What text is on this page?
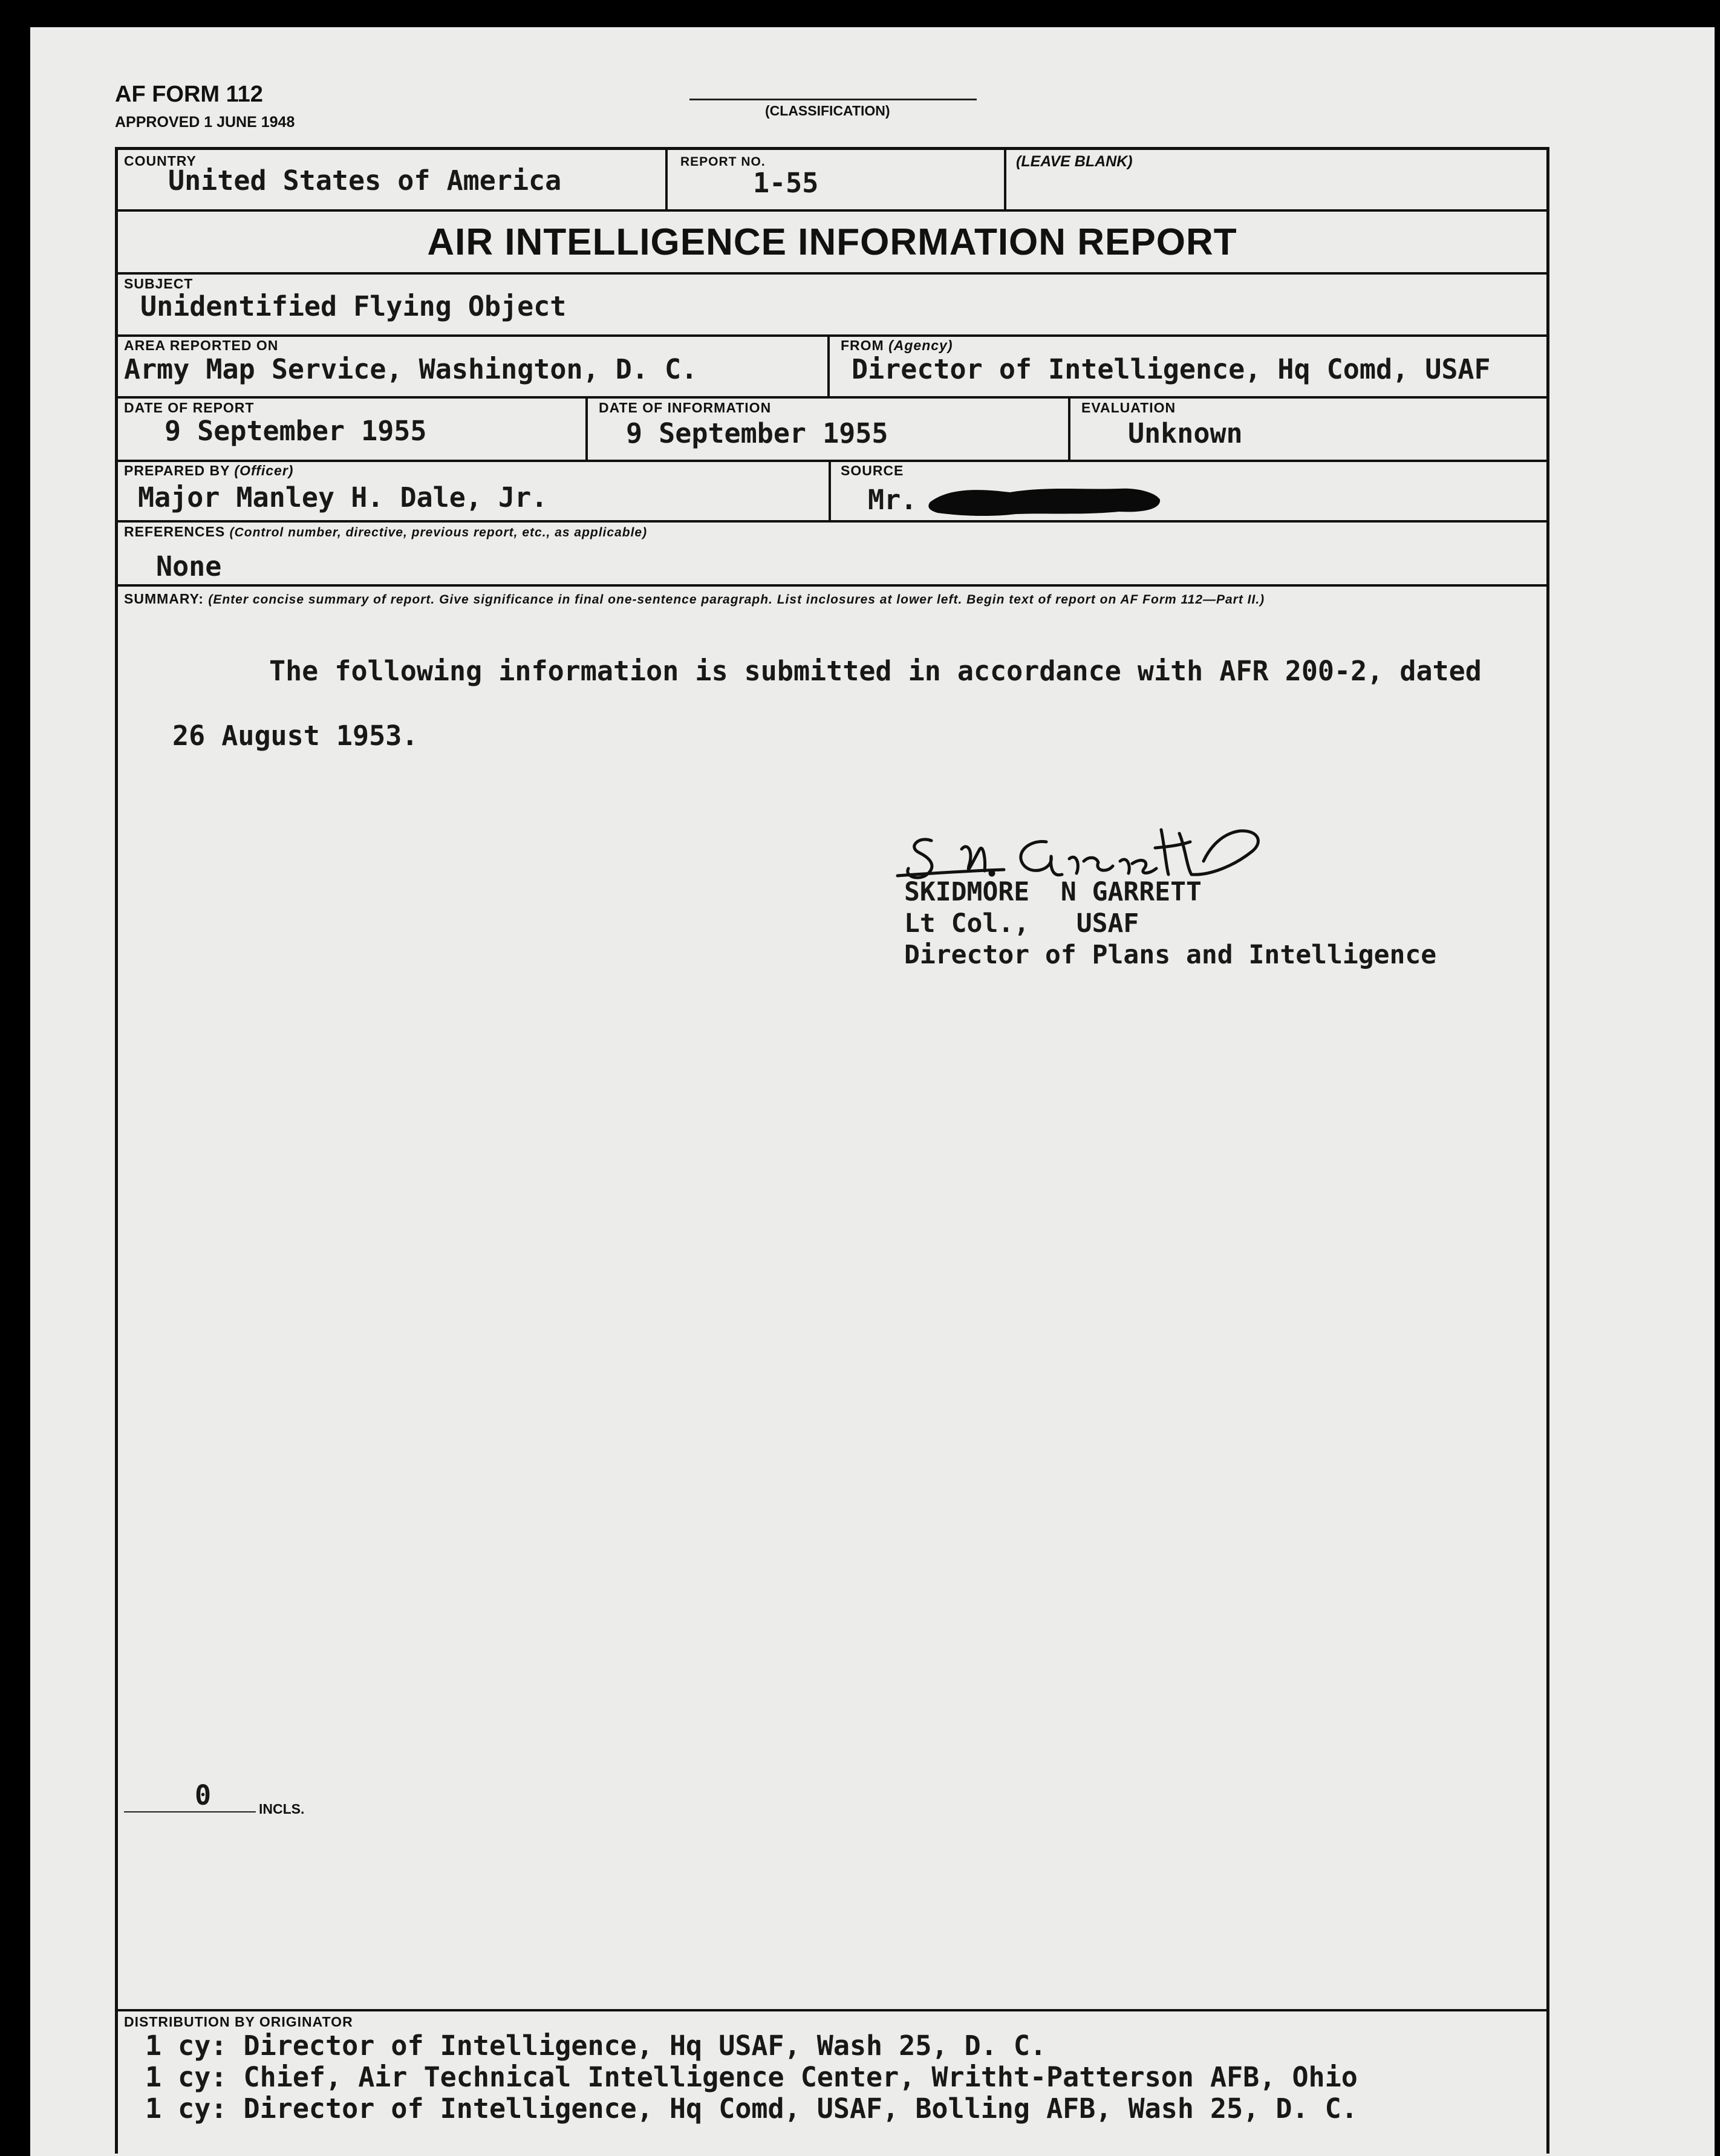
AF FORM 112
APPROVED 1 JUNE 1948
(CLASSIFICATION)
COUNTRY
United States of America
REPORT NO.
1-55
(LEAVE BLANK)
AIR INTELLIGENCE INFORMATION REPORT
SUBJECT
Unidentified Flying Object
AREA REPORTED ON
Army Map Service, Washington, D. C.
FROM (Agency)
Director of Intelligence, Hq Comd, USAF
DATE OF REPORT
9 September 1955
DATE OF INFORMATION
9 September 1955
EVALUATION
Unknown
PREPARED BY (Officer)
Major Manley H. Dale, Jr.
SOURCE
Mr.
REFERENCES (Control number, directive, previous report, etc., as applicable)
None
SUMMARY: (Enter concise summary of report. Give significance in final one-sentence paragraph. List inclosures at lower left. Begin text of report on AF Form 112—Part II.)
The following information is submitted in accordance with AFR 200-2, dated
26 August 1953.
SKIDMORE  N GARRETT
Lt Col.,   USAF
Director of Plans and Intelligence
0	INCLS.
DISTRIBUTION BY ORIGINATOR
1 cy: Director of Intelligence, Hq USAF, Wash 25, D. C.
1 cy: Chief, Air Technical Intelligence Center, Writht-Patterson AFB, Ohio
1 cy: Director of Intelligence, Hq Comd, USAF, Bolling AFB, Wash 25, D. C.
